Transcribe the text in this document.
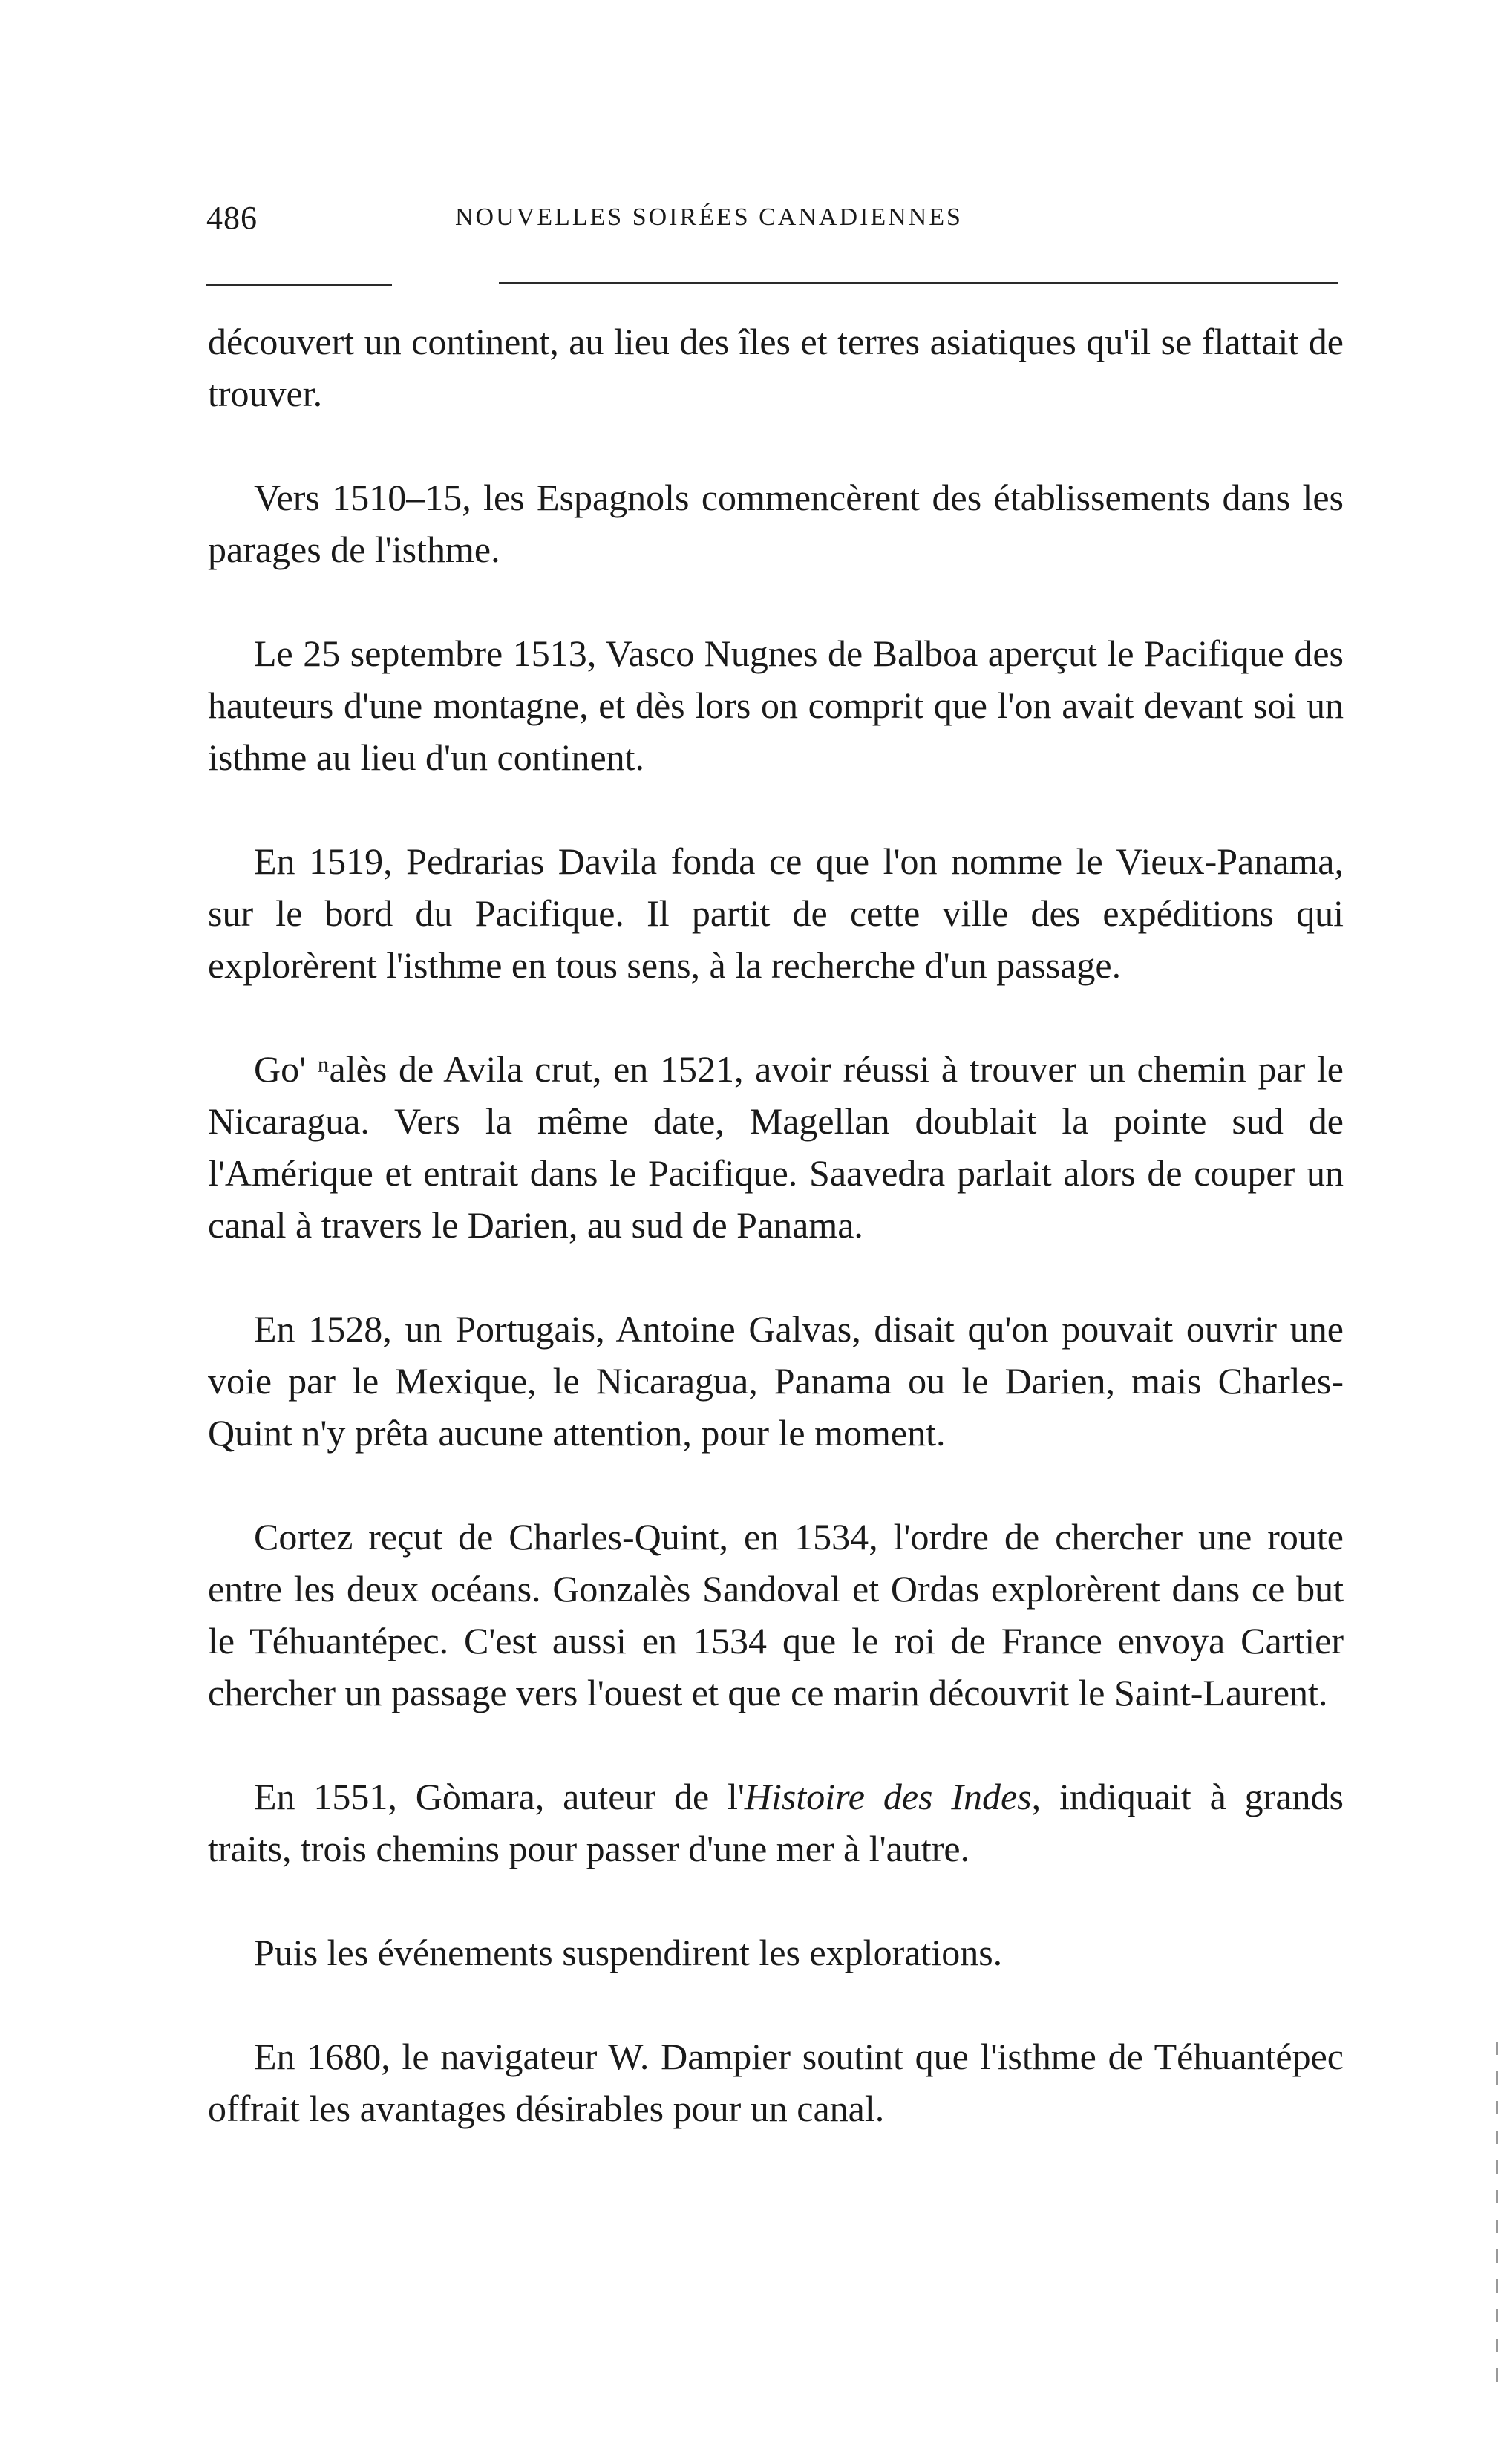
486	NOUVELLES SOIRÉES CANADIENNES

découvert un continent, au lieu des îles et terres asiatiques qu'il se flattait de trouver.

Vers 1510–15, les Espagnols commencèrent des établissements dans les parages de l'isthme.

Le 25 septembre 1513, Vasco Nugnes de Balboa aperçut le Pacifique des hauteurs d'une montagne, et dès lors on comprit que l'on avait devant soi un isthme au lieu d'un continent.

En 1519, Pedrarias Davila fonda ce que l'on nomme le Vieux-Panama, sur le bord du Pacifique. Il partit de cette ville des expéditions qui explorèrent l'isthme en tous sens, à la recherche d'un passage.

Go' ⁿalès de Avila crut, en 1521, avoir réussi à trouver un chemin par le Nicaragua. Vers la même date, Magellan doublait la pointe sud de l'Amérique et entrait dans le Pacifique. Saavedra parlait alors de couper un canal à travers le Darien, au sud de Panama.

En 1528, un Portugais, Antoine Galvas, disait qu'on pouvait ouvrir une voie par le Mexique, le Nicaragua, Panama ou le Darien, mais Charles-Quint n'y prêta aucune attention, pour le moment.

Cortez reçut de Charles-Quint, en 1534, l'ordre de chercher une route entre les deux océans. Gonzalès Sandoval et Ordas explorèrent dans ce but le Téhuantépec. C'est aussi en 1534 que le roi de France envoya Cartier chercher un passage vers l'ouest et que ce marin découvrit le Saint-Laurent.

En 1551, Gòmara, auteur de l'Histoire des Indes, indiquait à grands traits, trois chemins pour passer d'une mer à l'autre.

Puis les événements suspendirent les explorations.

En 1680, le navigateur W. Dampier soutint que l'isthme de Téhuantépec offrait les avantages désirables pour un canal.
